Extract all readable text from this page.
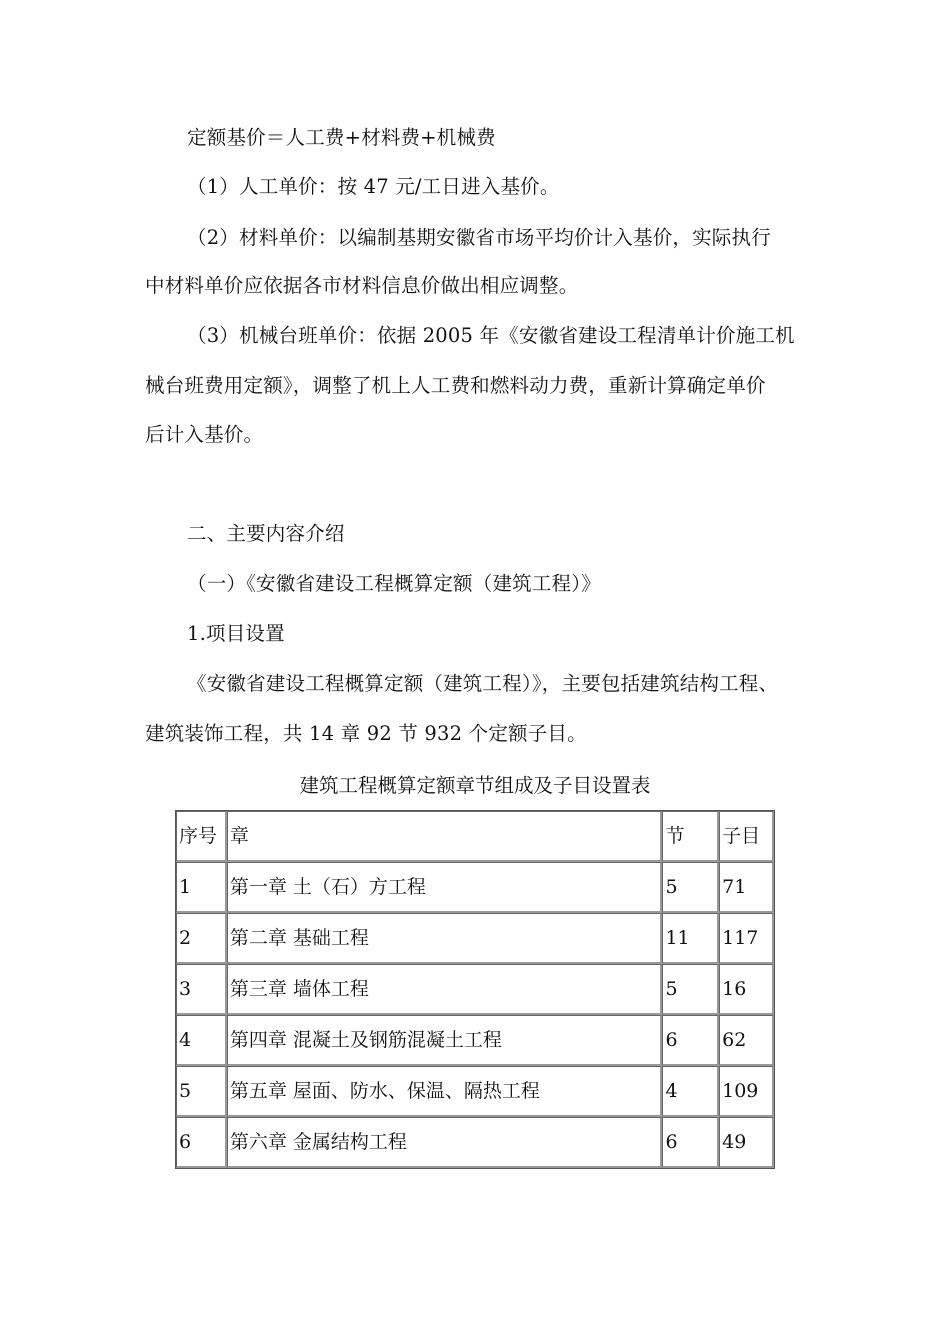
定额基价＝人工费+材料费+机械费
（1）人工单价：按 47 元/工日进入基价。
（2）材料单价：以编制基期安徽省市场平均价计入基价，实际执行
中材料单价应依据各市材料信息价做出相应调整。
（3）机械台班单价：依据 2005 年《安徽省建设工程清单计价施工机
械台班费用定额》，调整了机上人工费和燃料动力费，重新计算确定单价
后计入基价。
二、主要内容介绍
（一）《安徽省建设工程概算定额（建筑工程）》
1.项目设置
《安徽省建设工程概算定额（建筑工程）》，主要包括建筑结构工程、
建筑装饰工程，共 14 章 92 节 932 个定额子目。
建筑工程概算定额章节组成及子目设置表
序号	章	节	子目
1	第一章 土（石）方工程	5	71
2	第二章 基础工程	11	117
3	第三章 墙体工程	5	16
4	第四章 混凝土及钢筋混凝土工程	6	62
5	第五章 屋面、防水、保温、隔热工程	4	109
6	第六章 金属结构工程	6	49
